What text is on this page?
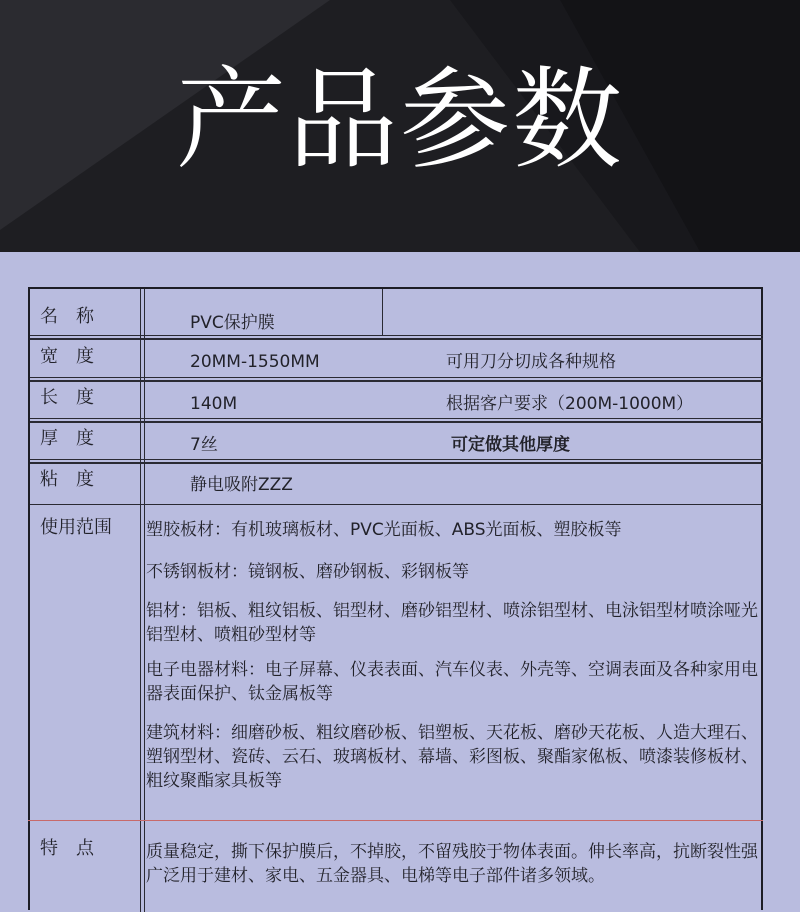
产品参数
名　称
宽　度
长　度
厚　度
粘　度
使用范围
特　点
PVC保护膜
20MM-1550MM
140M
7丝
静电吸附ZZZ
可用刀分切成各种规格
根据客户要求（200M-1000M）
可定做其他厚度
塑胶板材：有机玻璃板材、PVC光面板、ABS光面板、塑胶板等
不锈钢板材：镜钢板、磨砂钢板、彩钢板等
铝材：铝板、粗纹铝板、铝型材、磨砂铝型材、喷涂铝型材、电泳铝型材喷涂哑光铝型材、喷粗砂型材等
电子电器材料：电子屏幕、仪表表面、汽车仪表、外壳等、空调表面及各种家用电器表面保护、钛金属板等
建筑材料：细磨砂板、粗纹磨砂板、铝塑板、天花板、磨砂天花板、人造大理石、塑钢型材、瓷砖、云石、玻璃板材、幕墙、彩图板、聚酯家俬板、喷漆装修板材、粗纹聚酯家具板等
质量稳定，撕下保护膜后，不掉胶，不留残胶于物体表面。伸长率高，抗断裂性强广泛用于建材、家电、五金器具、电梯等电子部件诸多领域。
